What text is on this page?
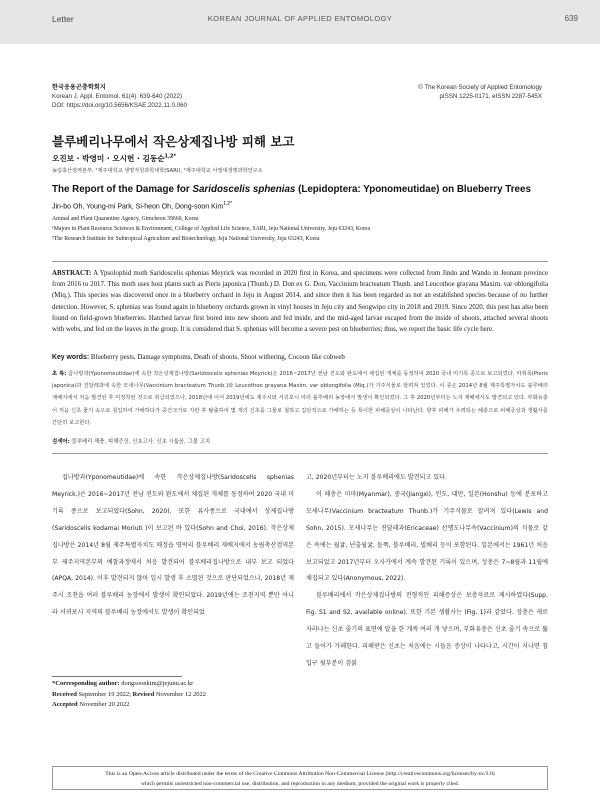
Letter	KOREAN JOURNAL OF APPLIED ENTOMOLOGY	639
한국응용곤충학회지
Korean J. Appl. Entomol. 61(4): 639-640 (2022)
DOI: https://doi.org/10.5656/KSAE.2022.11.0.060
© The Korean Society of Applied Entomology
pISSN 1225-0171, eISSN 2287-545X
블루베리나무에서 작은상제집나방 피해 보고
오진보 · 박영미 · 오시헌 · 김동순$^{1,2*}$
농림축산검역본부, ¹제주대학교 생명자원과학대학(SARI), ²제주대학교 아열대생명과학연구소
The Report of the Damage for Saridoscelis sphenias (Lepidoptera: Yponomeutidae) on Blueberry Trees
Jin-bo Oh, Young-mi Park, Si-heon Oh, Dong-soon Kim$^{1,2*}$
Animal and Plant Quarantine Agency, Gimcheon 39660, Korea
¹Majors in Plant Resource Sciences & Environment, College of Applied Life Science, SARI, Jeju National University, Jeju 63243, Korea
²The Research Institute for Subtropical Agriculture and Biotechnology, Jeju National University, Jeju 63243, Korea
ABSTRACT: A Ypsolophid moth Saridoscelis sphenias Meyrick was recorded in 2020 first in Korea, and specimens were collected from Jindo and Wando in Jeonam province from 2016 to 2017. This moth uses host plants such as Pieris japonica (Thunb.) D. Don ex G. Don, Vaccinium bracteatum Thunb. and Leucothoe grayana Maxim. var oblongifolia (Miq.). This species was discovered once in a blueberry orchard in Jeju in August 2014, and since then it has been regarded as not an established species because of no further detection. However, S. sphenias was found again in blueberry orchards grown in vinyl houses in Jeju city and Seogwipo city in 2018 and 2019. Since 2020, this pest has also been found on field-grown blueberries. Hatched larvae first bored into new shoots and fed inside, and the mid-aged larvae escaped from the inside of shoots, attached several shoots with webs, and fed on the leaves in the group. It is considered that S. sphenias will become a severe pest on blueberries; thus, we report the basic life cycle here.
Key words: Blueberry pests, Damage symptoms, Death of shoots, Shoot withering, Cocoon like cobweb
초 록: 곱나방과(Yponomeutidae)에 속한 작은상제집나방(Saridoscelis sphenias Meyrick)은 2016~2017년 전남 진도와 완도에서 채집된 개체를 동정하여 2020 국내 미기록 종으로 보고되었다. 마취목(Pieris japonica)과 진달래과에 속한 모새나무(Vaccinium bracteatum Thunb.)와 Leucothoe grayana Maxim. var oblongifolia (Miq.)가 기주식물로 알려져 있었다. 이 종은 2014년 8월 제주특별자치도 블루베리 재배지에서 처음 발견된 후 미정착된 것으로 취급되었으나, 2018년에 이어 2019년에도 제주시와 서귀포시 여러 블루베리 농장에서 발생이 확인되었다. 그 후 2020년부터는 노지 재배에서도 발견되고 있다. 부화유충이 처음 신초 줄기 속으로 침입하여 가해하다가 중간크기로 자란 후 탈출하여 몇 개의 신초를 그물로 철하고 집단적으로 가해하는 등 특이한 피해증상이 나타난다. 향후 피해가 우려되는 해충으로 피해증상과 생활사를 간단히 보고한다.
검색어: 블루베리 해충, 피해증상, 신초고사, 신초 시듦음, 그물 고치

집나방과(Yponomeutidae)에 속한 작은상제집나방(Saridoscelis sphenias Meyrick.)은 2016~2017년 전남 진도와 완도에서 채집된 개체를 동정하여 2020 국내 미기록 종으로 보고되었다(Sohn, 2020). 또한 유사종으로 국내에서 상제집나방(Saridoscelis kodamai Moriuti )이 보고된 바 있다(Sohn and Choi, 2016). 작은상제집나방은 2014년 8월 제주특별자치도 매정읍 영락리 블루베리 재배지에서 농림축산검역본부 제주지역본부의 예찰과정에서 처음 발견되어 블루베리집나방으로 내부 보고 되었다(APQA, 2014). 이후 발견되지 않아 일시 발생 후 소멸된 것으로 판단되었으나, 2018년 제주시 조천읍 여러 블루베리 농장에서 발생이 확인되었다. 2019년에는 조천지역 뿐만 아니라 서귀포시 지역의 블루베리 농장에서도 발생이 확인되었

고, 2020년부터는 노지 블루베리에도 발견되고 있다.

이 해충은 미마(Myanmar), 중국(Jiangxi), 인도, 대만, 일본(Honshu) 등에 분포하고 모새나무(Vaccinium bracteatum Thunb.)가 기주식물로 알려져 있다(Lewis and Sohn, 2015). 모새나무는 진달래과(Ericaceae) 산앵도나무속(Vaccinium)의 식물로 같은 속에는 월귤, 넌출월귤, 들쭉, 블루베리, 빌베리 등이 포함된다. 일본에서는 1961년 처음 보고되었고 2017년부터 오사카에서 계속 발견된 기록이 있으며, 성충은 7~8월과 11월에 채집되고 있다(Anonymous, 2022).

블루베리에서 작은상제집나방의 전형적인 피해증상은 보충자료로 제시하였다(Supp. Fig. S1 and S2, available online). 또한 기본 생활사는 (Fig. 1)과 같았다. 성충은 새로 자라나는 신초 줄기의 표면에 알을 한 개씩 여러 개 낳으며, 부화유충은 신초 줄기 속으로 뚫고 들어가 가해한다. 피해받은 신초는 처음에는 시들음 증상이 나타나고, 시간이 지나면 침입구 윗부분이 검붉

*Corresponding author: dongsoonkim@jejunu.ac.kr
Received September 19 2022; Revised November 12 2022
Accepted November 20 2022
This is an Open-Access article distributed under the terms of the Creative Commons Attribution Non-Commercial License (http://creativecommons.org/licenses/by-nc/3.0)
which permits unrestricted non-commercial use, distribution, and reproduction in any medium, provided the original work is properly cited.
